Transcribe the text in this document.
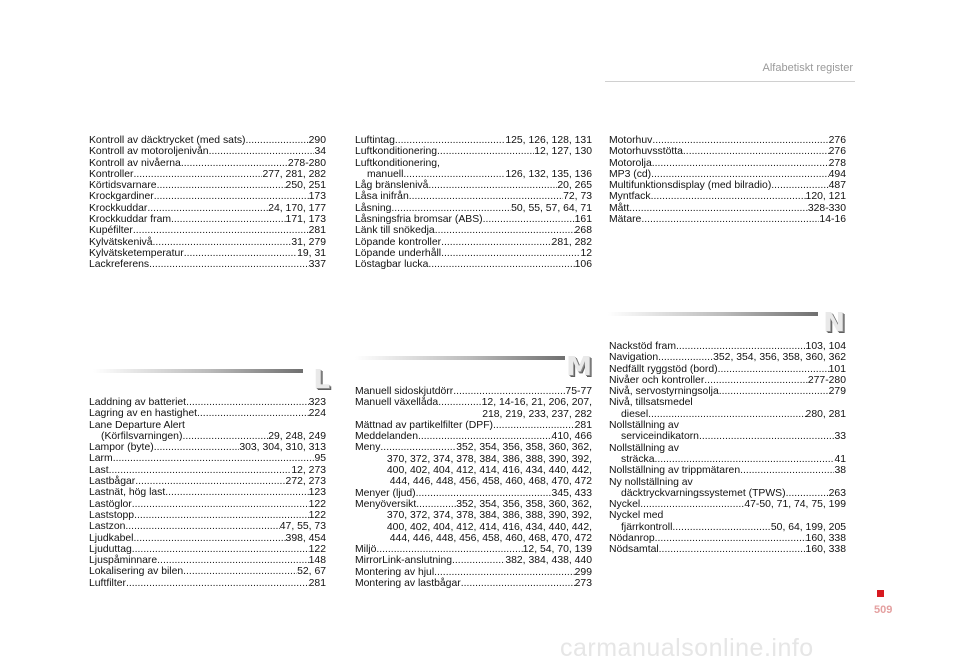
Alfabetiskt register
Kontroll av däcktrycket (med sats) .....	290
Kontroll av motoroljenivån .....	34
Kontroll av nivåerna .....	278-280
Kontroller .....	277, 281, 282
Körtidsvarnare .....	250, 251
Krockgardiner .....	173
Krockkuddar .....	24, 170, 177
Krockkuddar fram .....	171, 173
Kupéfilter .....	281
Kylvätskenivå .....	31, 279
Kylvätsketemperatur .....	19, 31
Lackreferens .....	337
Luftintag .....	125, 126, 128, 131
Luftkonditionering .....	12, 127, 130
Luftkonditionering,
manuell .....	126, 132, 135, 136
Låg bränslenivå .....	20, 265
Låsa inifrån .....	72, 73
Låsning .....	50, 55, 57, 64, 71
Låsningsfria bromsar (ABS) .....	161
Länk till snökedja .....	268
Löpande kontroller .....	281, 282
Löpande underhåll .....	12
Löstagbar lucka .....	106
Motorhuv .....	276
Motorhuvsstötta .....	276
Motorolja .....	278
MP3 (cd) .....	494
Multifunktionsdisplay (med bilradio) .....	487
Myntfack .....	120, 121
Mått .....	328-330
Mätare .....	14-16
L	M
N
Laddning av batteriet .....	323
Lagring av en hastighet .....	224
Lane Departure Alert
(Körfilsvarningen) .....	29, 248, 249
Lampor (byte) .....	303, 304, 310, 313
Larm .....	95
Last .....	12, 273
Lastbågar .....	272, 273
Lastnät, hög last .....	123
Lastöglor .....	122
Laststopp .....	122
Lastzon .....	47, 55, 73
Ljudkabel .....	398, 454
Ljuduttag .....	122
Ljuspåminnare .....	148
Lokalisering av bilen .....	52, 67
Luftfilter .....	281
Manuell sidoskjutdörr .....	75-77
Manuell växellåda .....	12, 14-16, 21, 206, 207,
218, 219, 233, 237, 282
Mättnad av partikelfilter (DPF) .....	281
Meddelanden .....	410, 466
Meny .....	352, 354, 356, 358, 360, 362,
370, 372, 374, 378, 384, 386, 388, 390, 392,
400, 402, 404, 412, 414, 416, 434, 440, 442,
444, 446, 448, 456, 458, 460, 468, 470, 472
Menyer (ljud) .....	345, 433
Menyöversikt .....	352, 354, 356, 358, 360, 362,
370, 372, 374, 378, 384, 386, 388, 390, 392,
400, 402, 404, 412, 414, 416, 434, 440, 442,
444, 446, 448, 456, 458, 460, 468, 470, 472
Miljö .....	12, 54, 70, 139
MirrorLink-anslutning .....	382, 384, 438, 440
Montering av hjul .....	299
Montering av lastbågar .....	273
Nackstöd fram .....	103, 104
Navigation .....	352, 354, 356, 358, 360, 362
Nedfällt ryggstöd (bord) .....	101
Nivåer och kontroller .....	277-280
Nivå, servostyrningsolja .....	279
Nivå, tillsatsmedel
diesel .....	280, 281
Nollställning av
serviceindikatorn .....	33
Nollställning av
sträcka .....	41
Nollställning av trippmätaren .....	38
Ny nollställning av
däcktryckvarningssystemet (TPWS) .....	263
Nyckel .....	47-50, 71, 74, 75, 199
Nyckel med
fjärrkontroll .....	50, 64, 199, 205
Nödanrop .....	160, 338
Nödsamtal .....	160, 338
509
carmanualsonline.info
